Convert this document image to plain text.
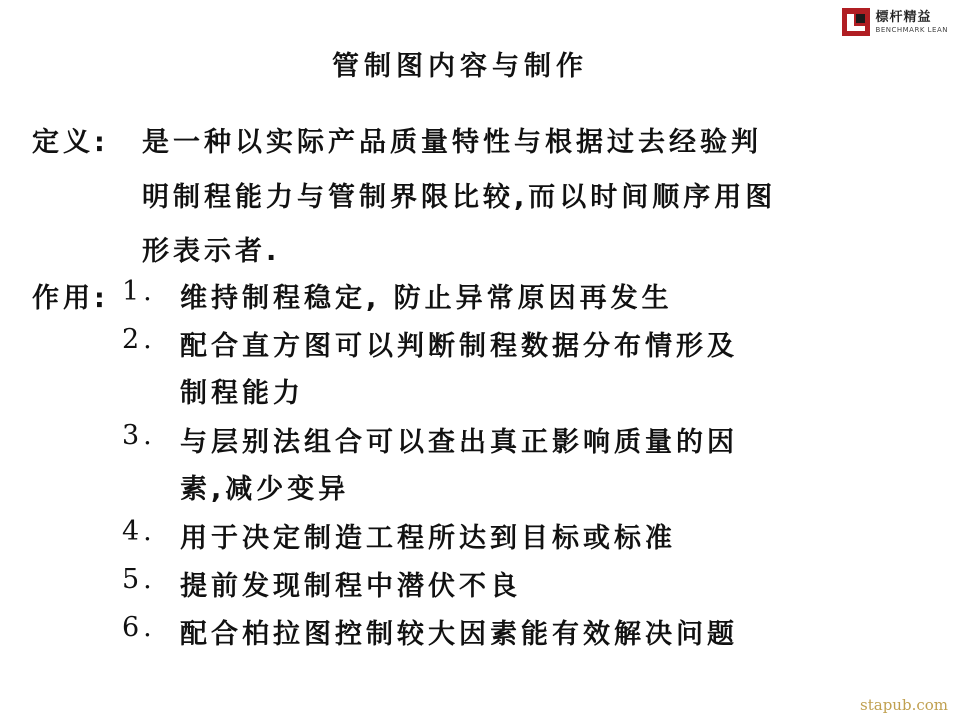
標杆精益
BENCHMARK LEAN
管制图内容与制作
定义: 是一种以实际产品质量特性与根据过去经验判
明制程能力与管制界限比较,而以时间顺序用图
形表示者.
作用: 1. 维持制程稳定, 防止异常原因再发生
2. 配合直方图可以判断制程数据分布情形及
制程能力
3. 与层别法组合可以查出真正影响质量的因
素,减少变异
4. 用于决定制造工程所达到目标或标准
5. 提前发现制程中潜伏不良
6. 配合柏拉图控制较大因素能有效解决问题
stapub.com
